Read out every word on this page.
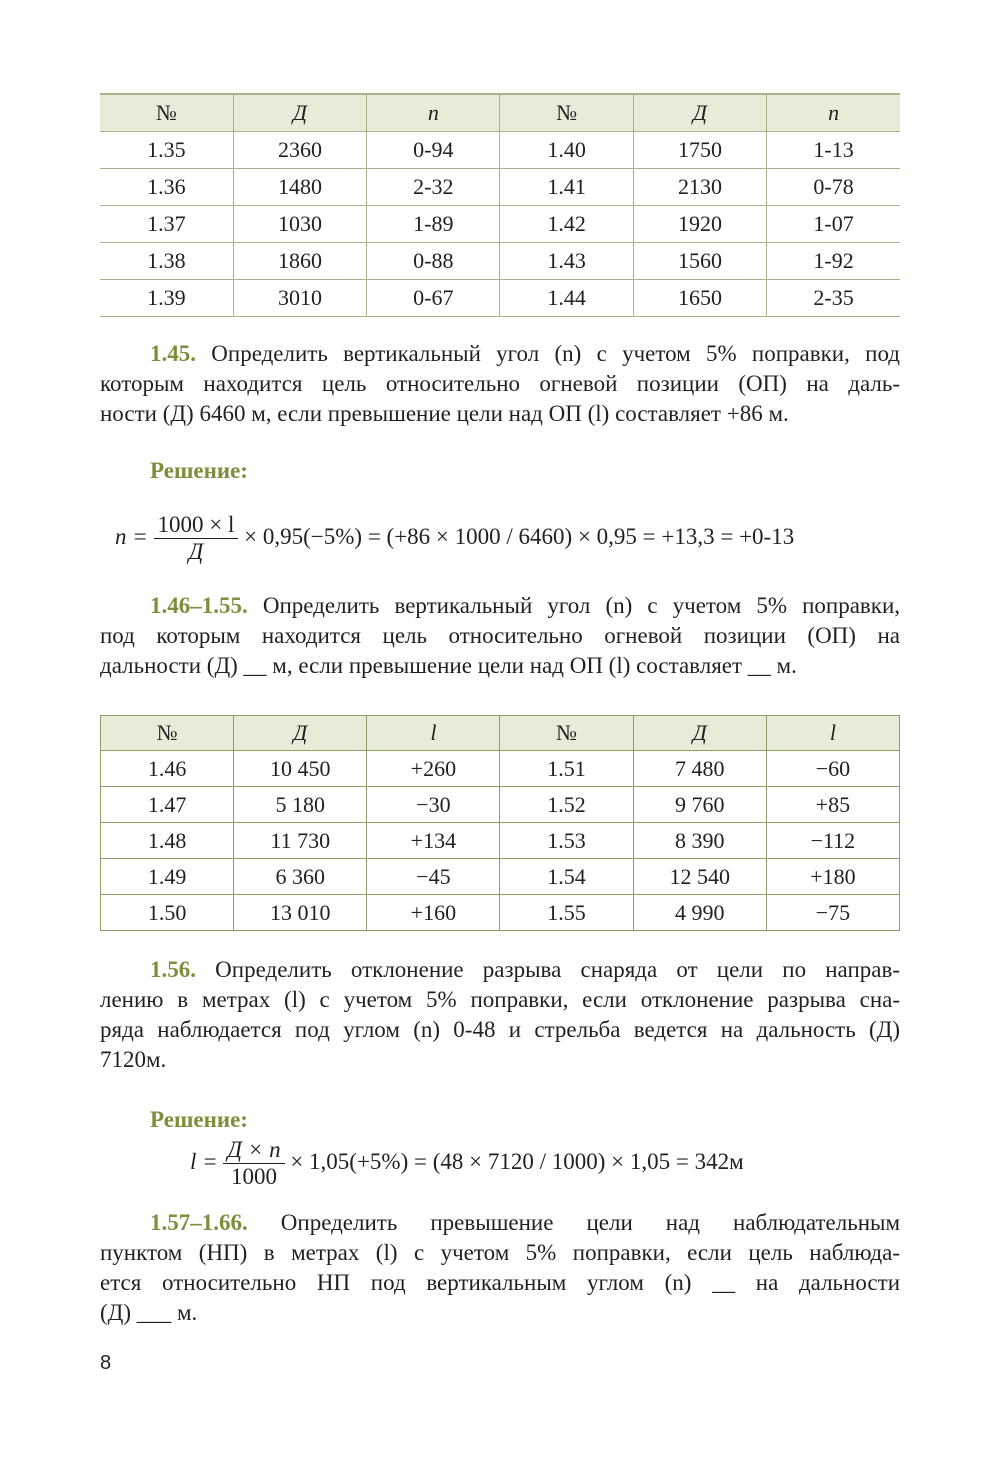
№	Д	n	№	Д	n
1.35	2360	0-94	1.40	1750	1-13
1.36	1480	2-32	1.41	2130	0-78
1.37	1030	1-89	1.42	1920	1-07
1.38	1860	0-88	1.43	1560	1-92
1.39	3010	0-67	1.44	1650	2-35
1.45. Определить вертикальный угол (n) с учетом 5% поправки, под
которым находится цель относительно огневой позиции (ОП) на даль-
ности (Д) 6460 м, если превышение цели над ОП (l) составляет +86 м.
Решение:
$n = \frac{1000 \times l}{Д} \times 0,95(-5\%) = (+86 \times 1000 / 6460) \times 0,95 = +13,3 = +0-13$
1.46–1.55. Определить вертикальный угол (n) с учетом 5% поправки,
под которым находится цель относительно огневой позиции (ОП) на
дальности (Д) __ м, если превышение цели над ОП (l) составляет __ м.
№	Д	l	№	Д	l
1.46	10 450	+260	1.51	7 480	−60
1.47	5 180	−30	1.52	9 760	+85
1.48	11 730	+134	1.53	8 390	−112
1.49	6 360	−45	1.54	12 540	+180
1.50	13 010	+160	1.55	4 990	−75
1.56. Определить отклонение разрыва снаряда от цели по направ-
лению в метрах (l) с учетом 5% поправки, если отклонение разрыва сна-
ряда наблюдается под углом (n) 0-48 и стрельба ведется на дальность (Д)
7120м.
Решение:
$l = \frac{Д \times n}{1000} \times 1,05(+5\%) = (48 \times 7120 / 1000) \times 1,05 = 342м$
1.57–1.66. Определить превышение цели над наблюдательным
пунктом (НП) в метрах (l) с учетом 5% поправки, если цель наблюда-
ется относительно НП под вертикальным углом (n) __ на дальности
(Д) ___ м.
8
